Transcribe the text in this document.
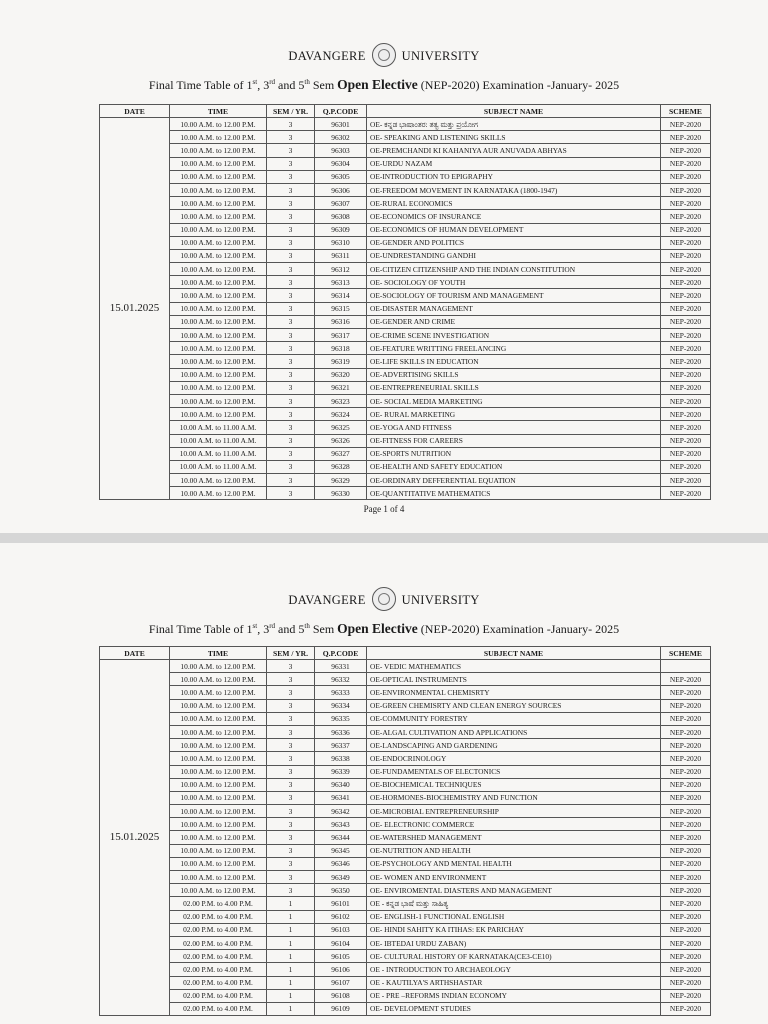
DAVANGERE	UNIVERSITY
Final Time Table of 1st, 3rd and 5th Sem Open Elective (NEP-2020) Examination -January- 2025
DATE	TIME	SEM / YR.	Q.P.CODE	SUBJECT NAME	SCHEME
15.01.2025	10.00 A.M. to 12.00 P.M.	3	96301	OE- ಕನ್ನಡ ಭಾಷಾಂತರ: ತತ್ವ ಮತ್ತು ಪ್ರಯೋಗ	NEP-2020
	10.00 A.M. to 12.00 P.M.	3	96302	OE- SPEAKING AND LISTENING SKILLS	NEP-2020
	10.00 A.M. to 12.00 P.M.	3	96303	OE-PREMCHANDI KI KAHANIYA AUR ANUVADA ABHYAS	NEP-2020
	10.00 A.M. to 12.00 P.M.	3	96304	OE-URDU NAZAM	NEP-2020
	10.00 A.M. to 12.00 P.M.	3	96305	OE-INTRODUCTION TO EPIGRAPHY	NEP-2020
	10.00 A.M. to 12.00 P.M.	3	96306	OE-FREEDOM MOVEMENT IN KARNATAKA (1800-1947)	NEP-2020
	10.00 A.M. to 12.00 P.M.	3	96307	OE-RURAL ECONOMICS	NEP-2020
	10.00 A.M. to 12.00 P.M.	3	96308	OE-ECONOMICS OF INSURANCE	NEP-2020
	10.00 A.M. to 12.00 P.M.	3	96309	OE-ECONOMICS OF HUMAN DEVELOPMENT	NEP-2020
	10.00 A.M. to 12.00 P.M.	3	96310	OE-GENDER AND POLITICS	NEP-2020
	10.00 A.M. to 12.00 P.M.	3	96311	OE-UNDRESTANDING GANDHI	NEP-2020
	10.00 A.M. to 12.00 P.M.	3	96312	OE-CITIZEN CITIZENSHIP AND THE INDIAN CONSTITUTION	NEP-2020
	10.00 A.M. to 12.00 P.M.	3	96313	OE- SOCIOLOGY OF YOUTH	NEP-2020
	10.00 A.M. to 12.00 P.M.	3	96314	OE-SOCIOLOGY OF TOURISM AND MANAGEMENT	NEP-2020
	10.00 A.M. to 12.00 P.M.	3	96315	OE-DISASTER MANAGEMENT	NEP-2020
	10.00 A.M. to 12.00 P.M.	3	96316	OE-GENDER AND CRIME	NEP-2020
	10.00 A.M. to 12.00 P.M.	3	96317	OE-CRIME SCENE INVESTIGATION	NEP-2020
	10.00 A.M. to 12.00 P.M.	3	96318	OE-FEATURE WRITTING FREELANCING	NEP-2020
	10.00 A.M. to 12.00 P.M.	3	96319	OE-LIFE SKILLS IN EDUCATION	NEP-2020
	10.00 A.M. to 12.00 P.M.	3	96320	OE-ADVERTISING SKILLS	NEP-2020
	10.00 A.M. to 12.00 P.M.	3	96321	OE-ENTREPRENEURIAL SKILLS	NEP-2020
	10.00 A.M. to 12.00 P.M.	3	96323	OE- SOCIAL MEDIA MARKETING	NEP-2020
	10.00 A.M. to 12.00 P.M.	3	96324	OE- RURAL MARKETING	NEP-2020
	10.00 A.M. to 11.00 A.M.	3	96325	OE-YOGA AND FITNESS	NEP-2020
	10.00 A.M. to 11.00 A.M.	3	96326	OE-FITNESS FOR CAREERS	NEP-2020
	10.00 A.M. to 11.00 A.M.	3	96327	OE-SPORTS NUTRITION	NEP-2020
	10.00 A.M. to 11.00 A.M.	3	96328	OE-HEALTH AND SAFETY EDUCATION	NEP-2020
	10.00 A.M. to 12.00 P.M.	3	96329	OE-ORDINARY DEFFERENTIAL EQUATION	NEP-2020
	10.00 A.M. to 12.00 P.M.	3	96330	OE-QUANTITATIVE MATHEMATICS	NEP-2020
Page 1 of 4
DAVANGERE	UNIVERSITY
Final Time Table of 1st, 3rd and 5th Sem Open Elective (NEP-2020) Examination -January- 2025
DATE	TIME	SEM / YR.	Q.P.CODE	SUBJECT NAME	SCHEME
15.01.2025	10.00 A.M. to 12.00 P.M.	3	96331	OE- VEDIC MATHEMATICS	
	10.00 A.M. to 12.00 P.M.	3	96332	OE-OPTICAL INSTRUMENTS	NEP-2020
	10.00 A.M. to 12.00 P.M.	3	96333	OE-ENVIRONMENTAL CHEMISRTY	NEP-2020
	10.00 A.M. to 12.00 P.M.	3	96334	OE-GREEN CHEMISRTY AND CLEAN ENERGY SOURCES	NEP-2020
	10.00 A.M. to 12.00 P.M.	3	96335	OE-COMMUNITY FORESTRY	NEP-2020
	10.00 A.M. to 12.00 P.M.	3	96336	OE-ALGAL CULTIVATION AND APPLICATIONS	NEP-2020
	10.00 A.M. to 12.00 P.M.	3	96337	OE-LANDSCAPING AND GARDENING	NEP-2020
	10.00 A.M. to 12.00 P.M.	3	96338	OE-ENDOCRINOLOGY	NEP-2020
	10.00 A.M. to 12.00 P.M.	3	96339	OE-FUNDAMENTALS OF ELECTONICS	NEP-2020
	10.00 A.M. to 12.00 P.M.	3	96340	OE-BIOCHEMICAL TECHNIQUES	NEP-2020
	10.00 A.M. to 12.00 P.M.	3	96341	OE-HORMONES-BIOCHEMISTRY AND FUNCTION	NEP-2020
	10.00 A.M. to 12.00 P.M.	3	96342	OE-MICROBIAL ENTREPRENEURSHIP	NEP-2020
	10.00 A.M. to 12.00 P.M.	3	96343	OE- ELECTRONIC COMMERCE	NEP-2020
	10.00 A.M. to 12.00 P.M.	3	96344	OE-WATERSHED MANAGEMENT	NEP-2020
	10.00 A.M. to 12.00 P.M.	3	96345	OE-NUTRITION AND HEALTH	NEP-2020
	10.00 A.M. to 12.00 P.M.	3	96346	OE-PSYCHOLOGY AND MENTAL HEALTH	NEP-2020
	10.00 A.M. to 12.00 P.M.	3	96349	OE- WOMEN AND ENVIRONMENT	NEP-2020
	10.00 A.M. to 12.00 P.M.	3	96350	OE- ENVIROMENTAL DIASTERS AND MANAGEMENT	NEP-2020
	02.00 P.M. to 4.00 P.M.	1	96101	OE - ಕನ್ನಡ ಭಾಷೆ ಮತ್ತು ಸಾಹಿತ್ಯ	NEP-2020
	02.00 P.M. to 4.00 P.M.	1	96102	OE- ENGLISH-1 FUNCTIONAL ENGLISH	NEP-2020
	02.00 P.M. to 4.00 P.M.	1	96103	OE- HINDI SAHITY KA ITIHAS: EK PARICHAY	NEP-2020
	02.00 P.M. to 4.00 P.M.	1	96104	OE- IBTEDAI URDU ZABAN)	NEP-2020
	02.00 P.M. to 4.00 P.M.	1	96105	OE- CULTURAL HISTORY OF KARNATAKA(CE3-CE10)	NEP-2020
	02.00 P.M. to 4.00 P.M.	1	96106	OE - INTRODUCTION TO ARCHAEOLOGY	NEP-2020
	02.00 P.M. to 4.00 P.M.	1	96107	OE - KAUTILYA'S ARTHSHASTAR	NEP-2020
	02.00 P.M. to 4.00 P.M.	1	96108	OE - PRE –REFORMS INDIAN ECONOMY	NEP-2020
	02.00 P.M. to 4.00 P.M.	1	96109	OE- DEVELOPMENT STUDIES	NEP-2020
